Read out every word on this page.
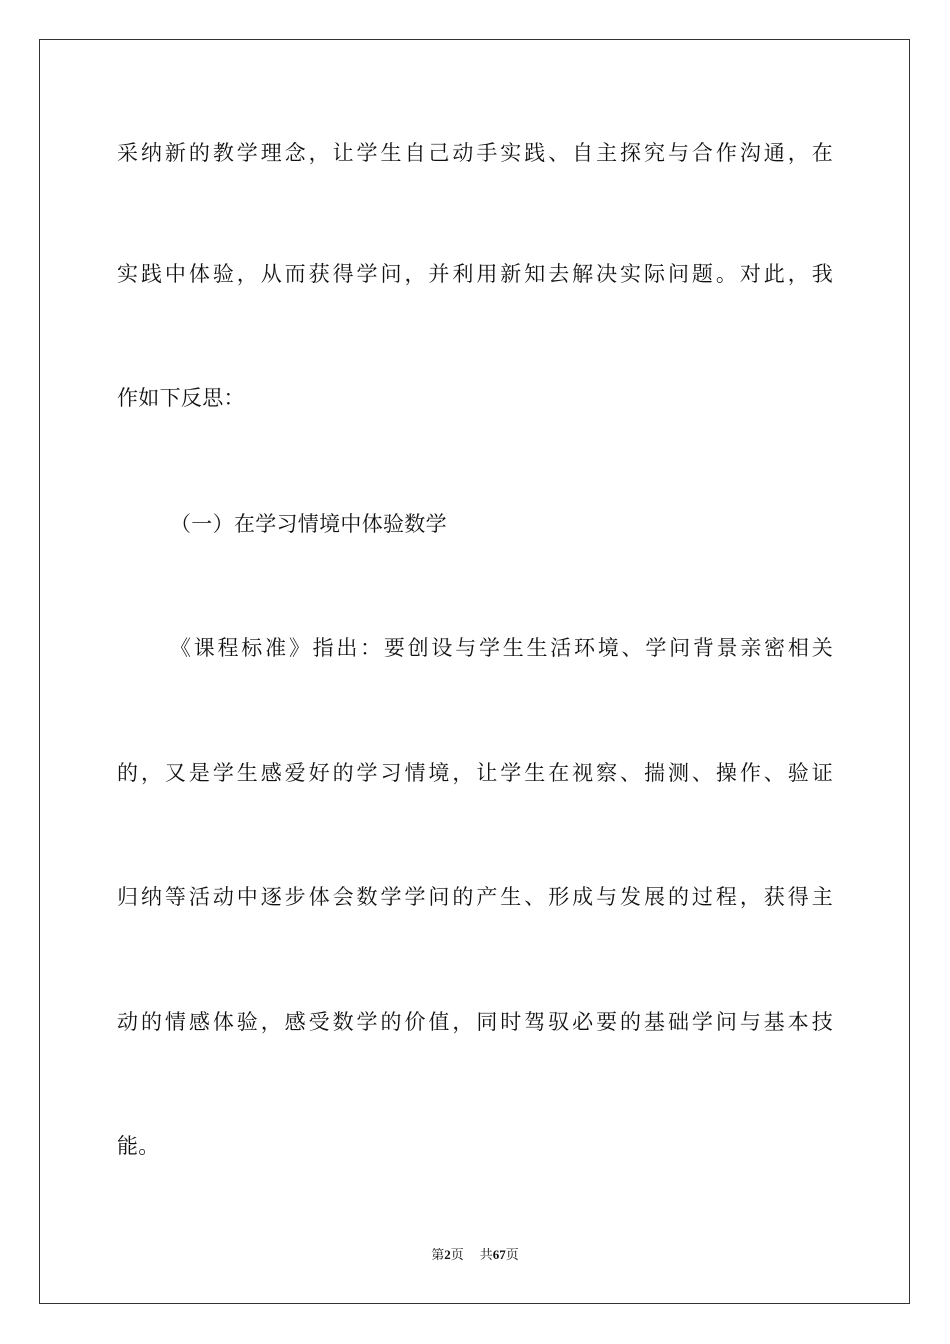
采纳新的教学理念，让学生自己动手实践、自主探究与合作沟通，在
实践中体验，从而获得学问，并利用新知去解决实际问题。对此，我
作如下反思：
（一）在学习情境中体验数学
《课程标准》指出：要创设与学生生活环境、学问背景亲密相关
的，又是学生感爱好的学习情境，让学生在视察、揣测、操作、验证
归纳等活动中逐步体会数学学问的产生、形成与发展的过程，获得主
动的情感体验，感受数学的价值，同时驾驭必要的基础学问与基本技
能。
第2页 共67页
